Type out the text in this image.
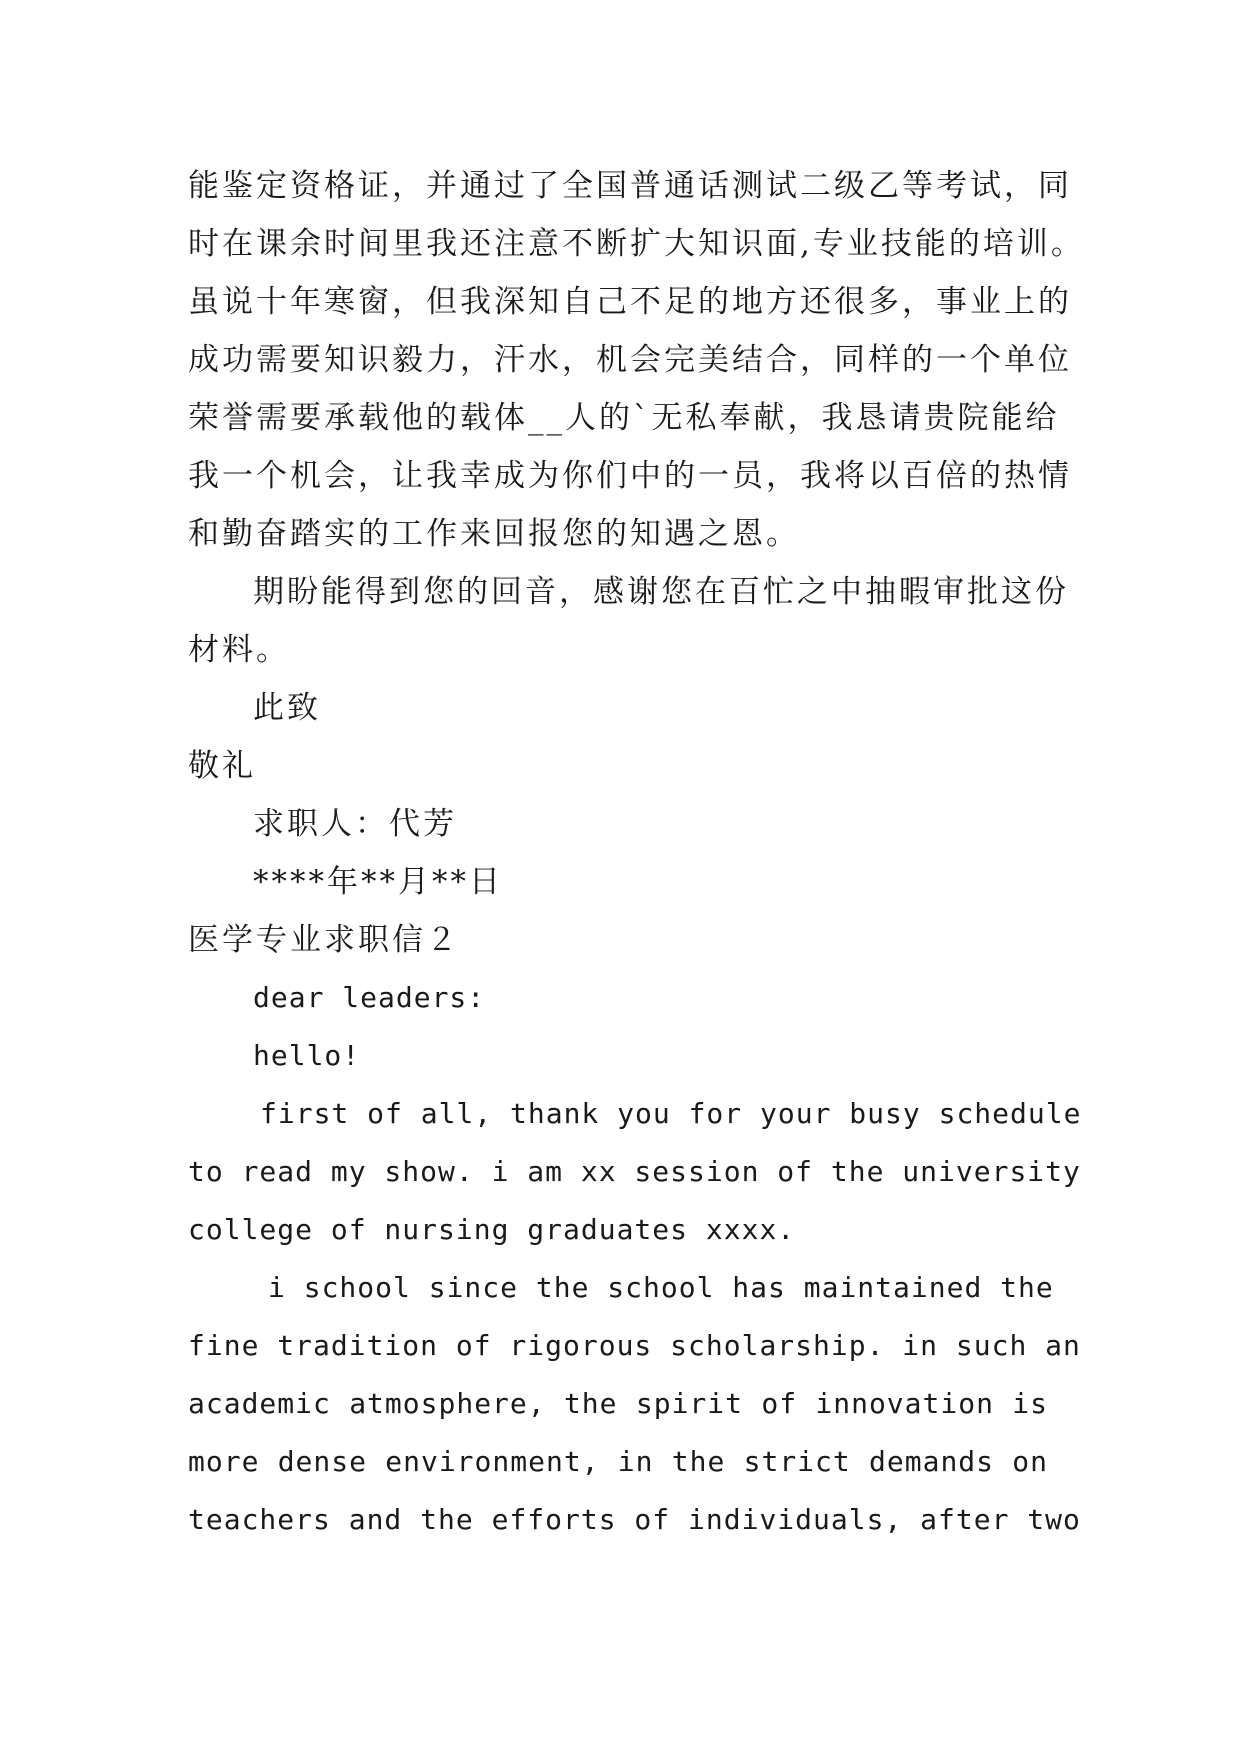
能鉴定资格证，并通过了全国普通话测试二级乙等考试，同
时在课余时间里我还注意不断扩大知识面,专业技能的培训。
虽说十年寒窗，但我深知自己不足的地方还很多，事业上的
成功需要知识毅力，汗水，机会完美结合，同样的一个单位
荣誉需要承载他的载体__人的`无私奉献，我恳请贵院能给
我一个机会，让我幸成为你们中的一员，我将以百倍的热情
和勤奋踏实的工作来回报您的知遇之恩。
期盼能得到您的回音，感谢您在百忙之中抽暇审批这份
材料。
此致
敬礼
求职人：代芳
****年**月**日
医学专业求职信２
dear leaders:
hello!
first of all, thank you for your busy schedule
to read my show. i am xx session of the university
college of nursing graduates xxxx.
i school since the school has maintained the
fine tradition of rigorous scholarship. in such an
academic atmosphere, the spirit of innovation is
more dense environment, in the strict demands on
teachers and the efforts of individuals, after two
